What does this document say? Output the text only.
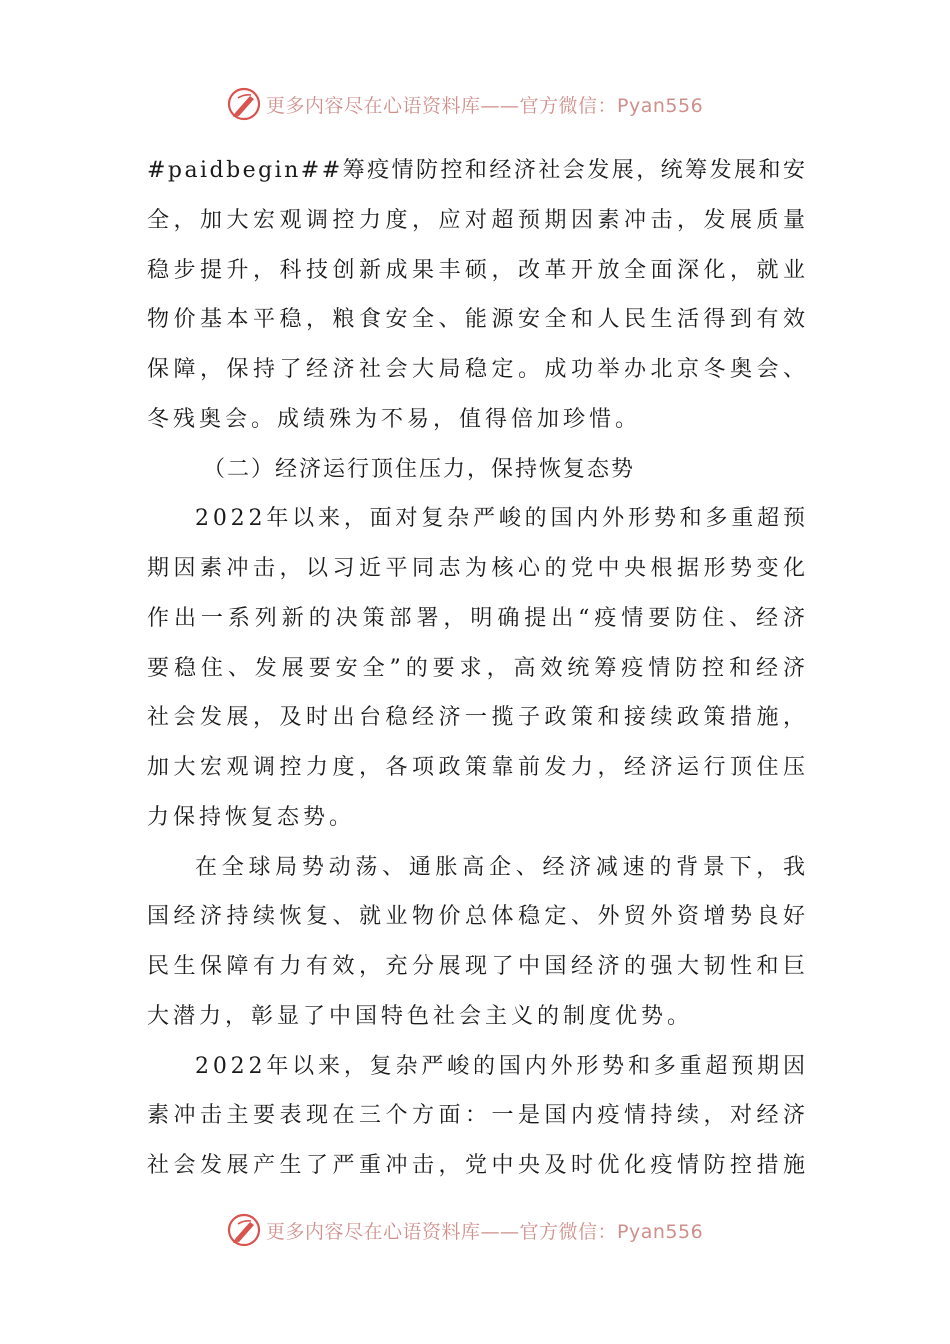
更多内容尽在心语资料库——官方微信：Pyan556
#paidbegin##筹疫情防控和经济社会发展，统筹发展和安
全，加大宏观调控力度，应对超预期因素冲击，发展质量
稳步提升，科技创新成果丰硕，改革开放全面深化，就业
物价基本平稳，粮食安全、能源安全和人民生活得到有效
保障，保持了经济社会大局稳定。成功举办北京冬奥会、
冬残奥会。成绩殊为不易，值得倍加珍惜。
（二）经济运行顶住压力，保持恢复态势
2022年以来，面对复杂严峻的国内外形势和多重超预
期因素冲击，以习近平同志为核心的党中央根据形势变化
作出一系列新的决策部署，明确提出“疫情要防住、经济
要稳住、发展要安全”的要求，高效统筹疫情防控和经济
社会发展，及时出台稳经济一揽子政策和接续政策措施，
加大宏观调控力度，各项政策靠前发力，经济运行顶住压
力保持恢复态势。
在全球局势动荡、通胀高企、经济减速的背景下，我
国经济持续恢复、就业物价总体稳定、外贸外资增势良好
民生保障有力有效，充分展现了中国经济的强大韧性和巨
大潜力，彰显了中国特色社会主义的制度优势。
2022年以来，复杂严峻的国内外形势和多重超预期因
素冲击主要表现在三个方面：一是国内疫情持续，对经济
社会发展产生了严重冲击，党中央及时优化疫情防控措施
更多内容尽在心语资料库——官方微信：Pyan556
